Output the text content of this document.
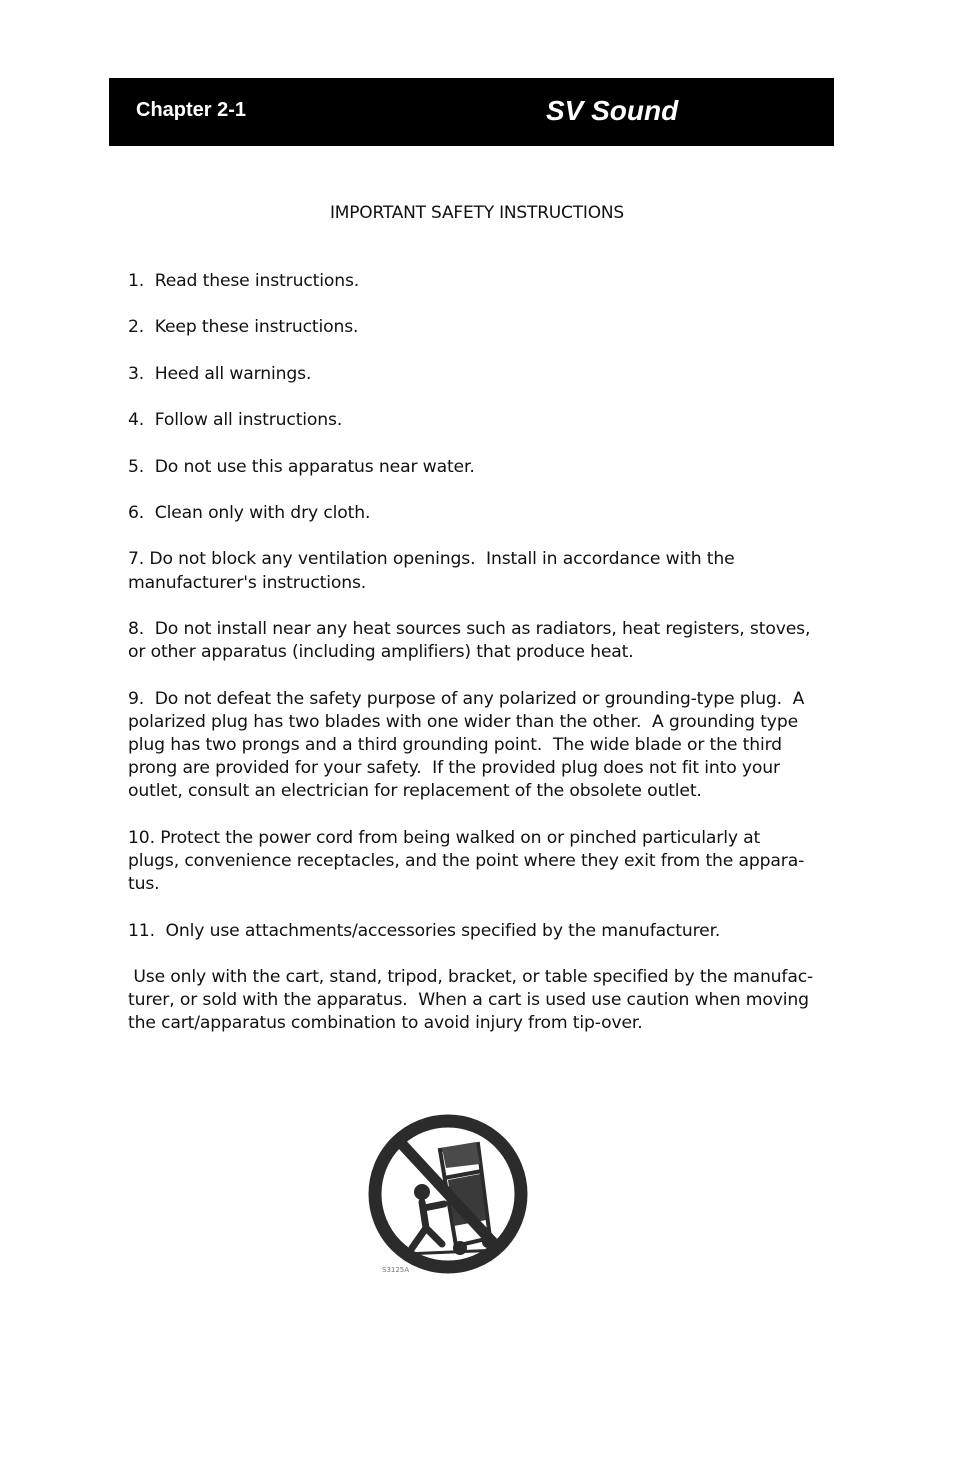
Chapter 2-1	SV Sound
IMPORTANT SAFETY INSTRUCTIONS
1.  Read these instructions.
2.  Keep these instructions.
3.  Heed all warnings.
4.  Follow all instructions.
5.  Do not use this apparatus near water.
6.  Clean only with dry cloth.
7. Do not block any ventilation openings.  Install in accordance with the
manufacturer's instructions.
8.  Do not install near any heat sources such as radiators, heat registers, stoves,
or other apparatus (including amplifiers) that produce heat.
9.  Do not defeat the safety purpose of any polarized or grounding-type plug.  A
polarized plug has two blades with one wider than the other.  A grounding type
plug has two prongs and a third grounding point.  The wide blade or the third
prong are provided for your safety.  If the provided plug does not fit into your
outlet, consult an electrician for replacement of the obsolete outlet.
10. Protect the power cord from being walked on or pinched particularly at
plugs, convenience receptacles, and the point where they exit from the appara-
tus.
11.  Only use attachments/accessories specified by the manufacturer.
Use only with the cart, stand, tripod, bracket, or table specified by the manufac-
turer, or sold with the apparatus.  When a cart is used use caution when moving
the cart/apparatus combination to avoid injury from tip-over.
S3125A
